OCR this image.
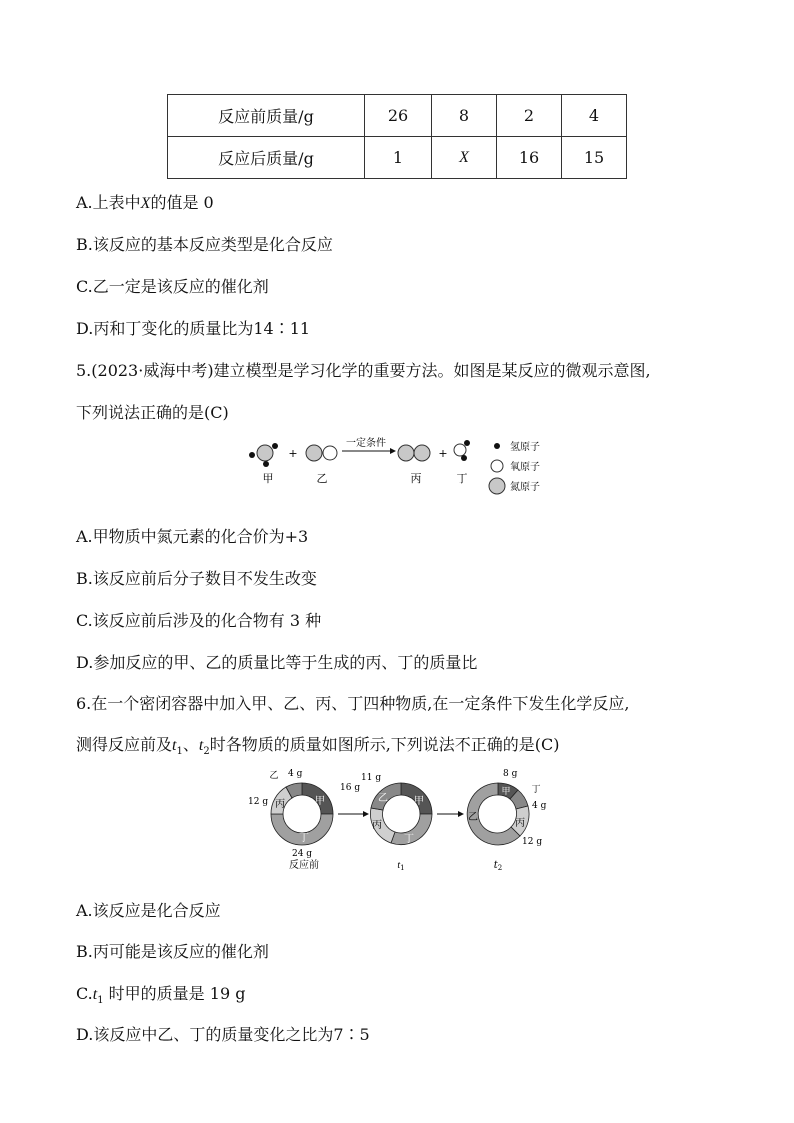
反应前质量/g	26	8	2	4
反应后质量/g	1	X	16	15
A.上表中X的值是 0
B.该反应的基本反应类型是化合反应
C.乙一定是该反应的催化剂
D.丙和丁变化的质量比为14∶11
5.(2023·威海中考)建立模型是学习化学的重要方法。如图是某反应的微观示意图,
下列说法正确的是(C)
+
一定条件
+
甲	乙	丙	丁
氢原子
氧原子
氮原子
A.甲物质中氮元素的化合价为+3
B.该反应前后分子数目不发生改变
C.该反应前后涉及的化合物有 3 种
D.参加反应的甲、乙的质量比等于生成的丙、丁的质量比
6.在一个密闭容器中加入甲、乙、丙、丁四种物质,在一定条件下发生化学反应,
测得反应前及$t_1$、$t_2$时各物质的质量如图所示,下列说法不正确的是(C)
甲
丁
丙
乙
16 g
4 g
12 g
24 g
反应前
甲
丁
丙
乙
11 g
$t_1$
甲 丁
丙
乙
8 g
4 g
12 g
$t_2$
A.该反应是化合反应
B.丙可能是该反应的催化剂
$C.t_1$ 时甲的质量是 19 g
D.该反应中乙、丁的质量变化之比为7∶5
